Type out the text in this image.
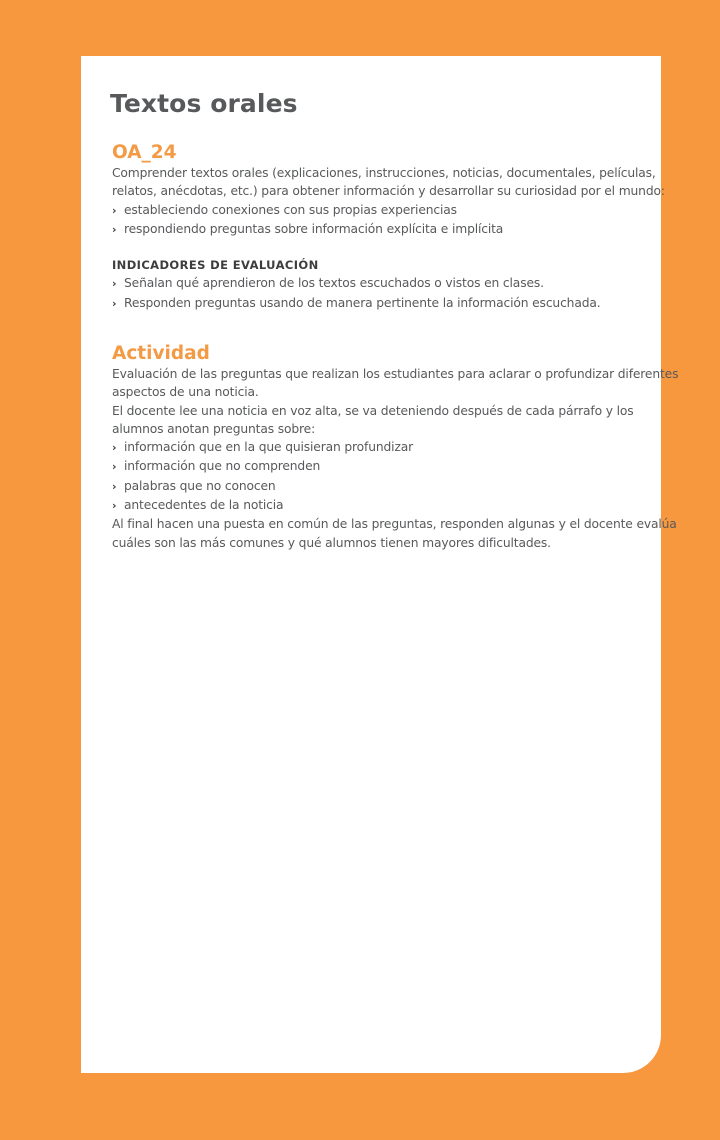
Textos orales
OA_24
Comprender textos orales (explicaciones, instrucciones, noticias, documentales, películas,
relatos, anécdotas, etc.) para obtener información y desarrollar su curiosidad por el mundo:
› estableciendo conexiones con sus propias experiencias
› respondiendo preguntas sobre información explícita e implícita
INDICADORES DE EVALUACIÓN
› Señalan qué aprendieron de los textos escuchados o vistos en clases.
› Responden preguntas usando de manera pertinente la información escuchada.
Actividad
Evaluación de las preguntas que realizan los estudiantes para aclarar o profundizar diferentes
aspectos de una noticia.
El docente lee una noticia en voz alta, se va deteniendo después de cada párrafo y los
alumnos anotan preguntas sobre:
› información que en la que quisieran profundizar
› información que no comprenden
› palabras que no conocen
› antecedentes de la noticia
Al final hacen una puesta en común de las preguntas, responden algunas y el docente evalúa
cuáles son las más comunes y qué alumnos tienen mayores dificultades.
